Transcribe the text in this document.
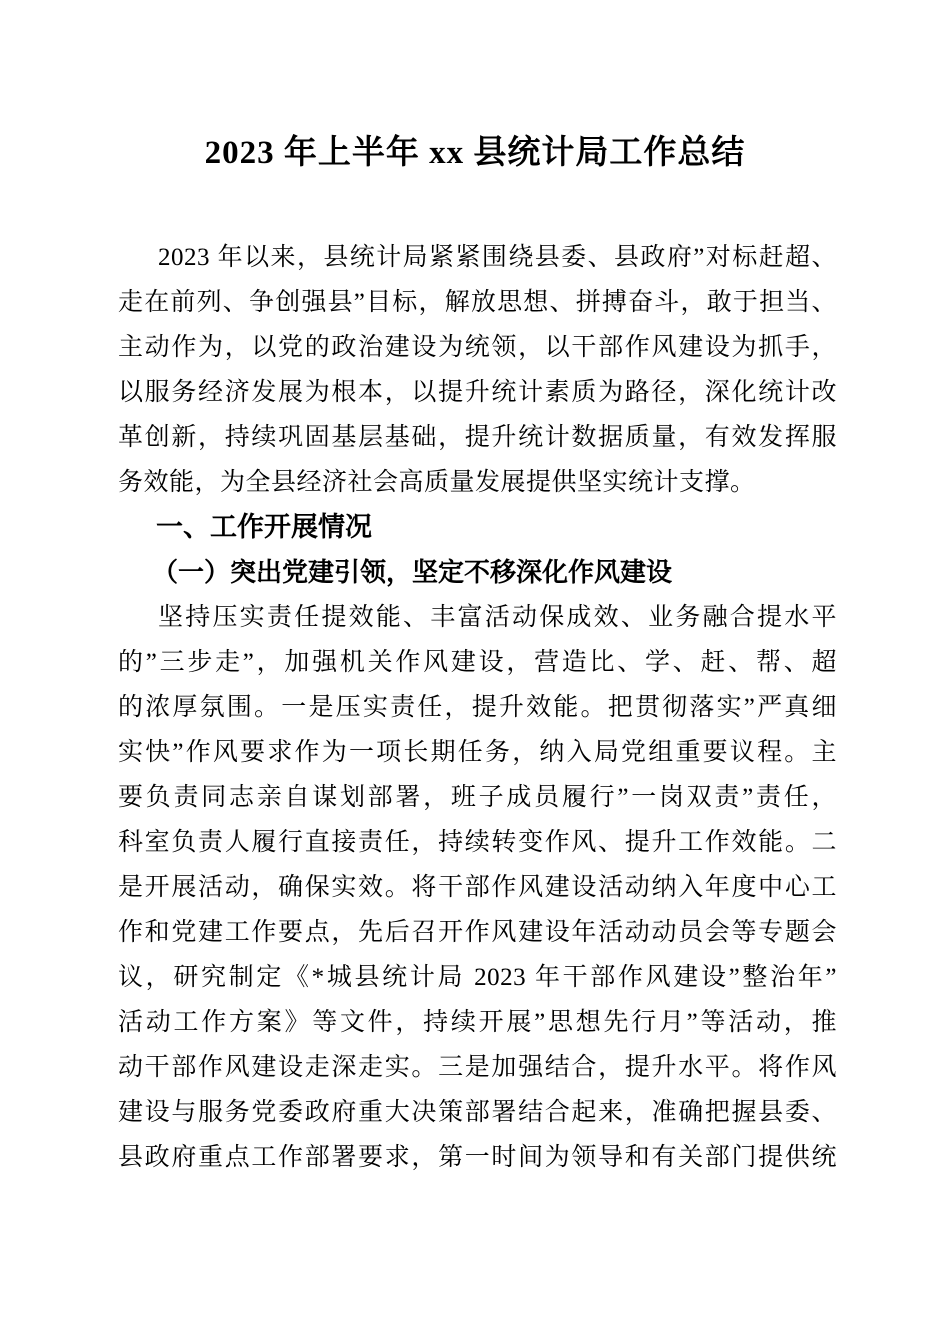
2023 年上半年 xx 县统计局工作总结
2023 年以来，县统计局紧紧围绕县委、县政府”对标赶超、
走在前列、争创强县”目标，解放思想、拼搏奋斗，敢于担当、
主动作为，以党的政治建设为统领，以干部作风建设为抓手，
以服务经济发展为根本，以提升统计素质为路径，深化统计改
革创新，持续巩固基层基础，提升统计数据质量，有效发挥服
务效能，为全县经济社会高质量发展提供坚实统计支撑。
一、工作开展情况
（一）突出党建引领，坚定不移深化作风建设
坚持压实责任提效能、丰富活动保成效、业务融合提水平
的”三步走”，加强机关作风建设，营造比、学、赶、帮、超
的浓厚氛围。一是压实责任，提升效能。把贯彻落实”严真细
实快”作风要求作为一项长期任务，纳入局党组重要议程。主
要负责同志亲自谋划部署，班子成员履行”一岗双责”责任，
科室负责人履行直接责任，持续转变作风、提升工作效能。二
是开展活动，确保实效。将干部作风建设活动纳入年度中心工
作和党建工作要点，先后召开作风建设年活动动员会等专题会
议，研究制定《*城县统计局 2023 年干部作风建设”整治年”
活动工作方案》等文件，持续开展”思想先行月”等活动，推
动干部作风建设走深走实。三是加强结合，提升水平。将作风
建设与服务党委政府重大决策部署结合起来，准确把握县委、
县政府重点工作部署要求，第一时间为领导和有关部门提供统
